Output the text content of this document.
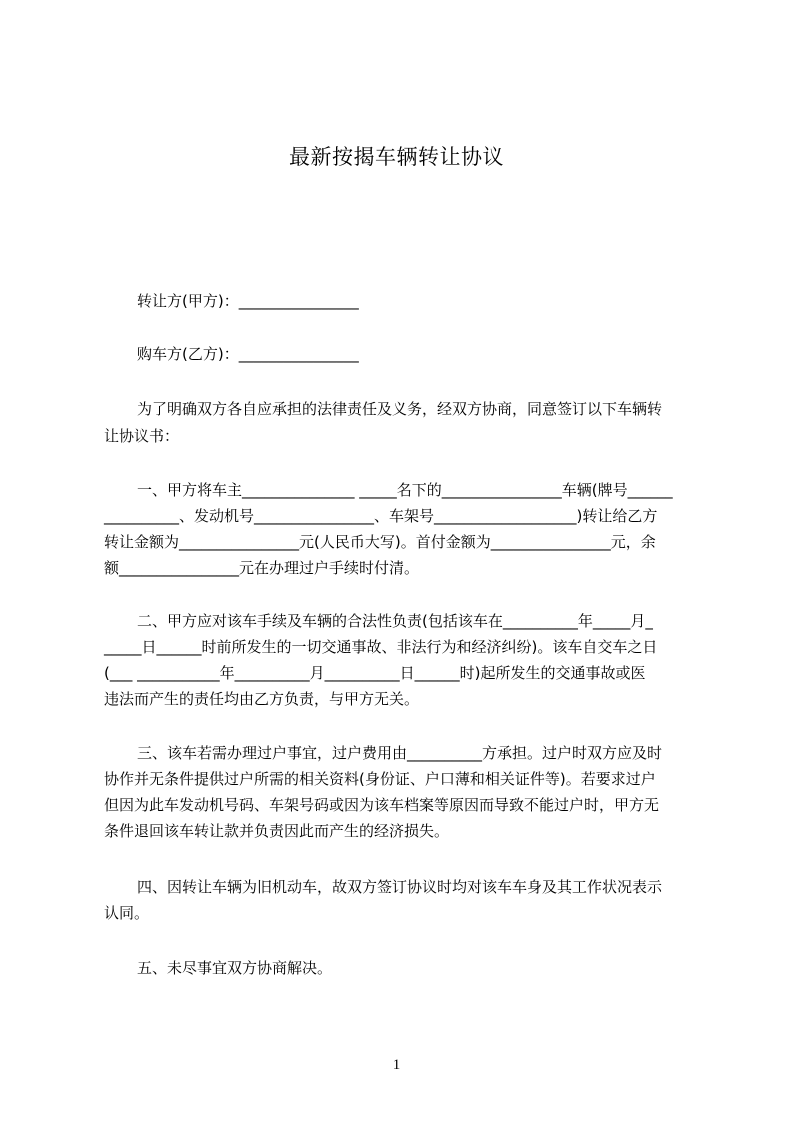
最新按揭车辆转让协议
转让方(甲方)：________________
购车方(乙方)：________________
为了明确双方各自应承担的法律责任及义务，经双方协商，同意签订以下车辆转
让协议书：
一、甲方将车主_______________ _____名下的________________车辆(牌号______
__________、发动机号________________、车架号___________________)转让给乙方
转让金额为________________元(人民币大写)。首付金额为________________元，余
额________________元在办理过户手续时付清。
二、甲方应对该车手续及车辆的合法性负责(包括该车在__________年_____月_
_____日______时前所发生的一切交通事故、非法行为和经济纠纷)。该车自交车之日
(___ ___________年__________月__________日______时)起所发生的交通事故或医
违法而产生的责任均由乙方负责，与甲方无关。
三、该车若需办理过户事宜，过户费用由__________方承担。过户时双方应及时
协作并无条件提供过户所需的相关资料(身份证、户口薄和相关证件等)。若要求过户
但因为此车发动机号码、车架号码或因为该车档案等原因而导致不能过户时，甲方无
条件退回该车转让款并负责因此而产生的经济损失。
四、因转让车辆为旧机动车，故双方签订协议时均对该车车身及其工作状况表示
认同。
五、未尽事宜双方协商解决。
1
